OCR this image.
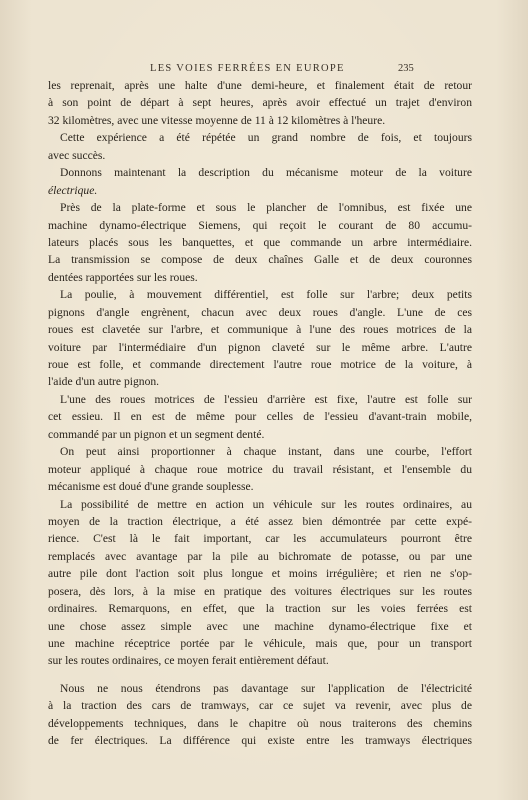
LES VOIES FERRÉES EN EUROPE	235
les reprenait, après une halte d'une demi-heure, et finalement était de retour
à son point de départ à sept heures, après avoir effectué un trajet d'environ
32 kilomètres, avec une vitesse moyenne de 11 à 12 kilomètres à l'heure.
Cette expérience a été répétée un grand nombre de fois, et toujours
avec succès.
Donnons maintenant la description du mécanisme moteur de la voiture
électrique.
Près de la plate-forme et sous le plancher de l'omnibus, est fixée une
machine dynamo-électrique Siemens, qui reçoit le courant de 80 accumu-
lateurs placés sous les banquettes, et que commande un arbre intermédiaire.
La transmission se compose de deux chaînes Galle et de deux couronnes
dentées rapportées sur les roues.
La poulie, à mouvement différentiel, est folle sur l'arbre; deux petits
pignons d'angle engrènent, chacun avec deux roues d'angle. L'une de ces
roues est clavetée sur l'arbre, et communique à l'une des roues motrices de la
voiture par l'intermédiaire d'un pignon claveté sur le même arbre. L'autre
roue est folle, et commande directement l'autre roue motrice de la voiture, à
l'aide d'un autre pignon.
L'une des roues motrices de l'essieu d'arrière est fixe, l'autre est folle sur
cet essieu. Il en est de même pour celles de l'essieu d'avant-train mobile,
commandé par un pignon et un segment denté.
On peut ainsi proportionner à chaque instant, dans une courbe, l'effort
moteur appliqué à chaque roue motrice du travail résistant, et l'ensemble du
mécanisme est doué d'une grande souplesse.
La possibilité de mettre en action un véhicule sur les routes ordinaires, au
moyen de la traction électrique, a été assez bien démontrée par cette expé-
rience. C'est là le fait important, car les accumulateurs pourront être
remplacés avec avantage par la pile au bichromate de potasse, ou par une
autre pile dont l'action soit plus longue et moins irrégulière; et rien ne s'op-
posera, dès lors, à la mise en pratique des voitures électriques sur les routes
ordinaires. Remarquons, en effet, que la traction sur les voies ferrées est
une chose assez simple avec une machine dynamo-électrique fixe et
une machine réceptrice portée par le véhicule, mais que, pour un transport
sur les routes ordinaires, ce moyen ferait entièrement défaut.
Nous ne nous étendrons pas davantage sur l'application de l'électricité
à la traction des cars de tramways, car ce sujet va revenir, avec plus de
développements techniques, dans le chapitre où nous traiterons des chemins
de fer électriques. La différence qui existe entre les tramways électriques
